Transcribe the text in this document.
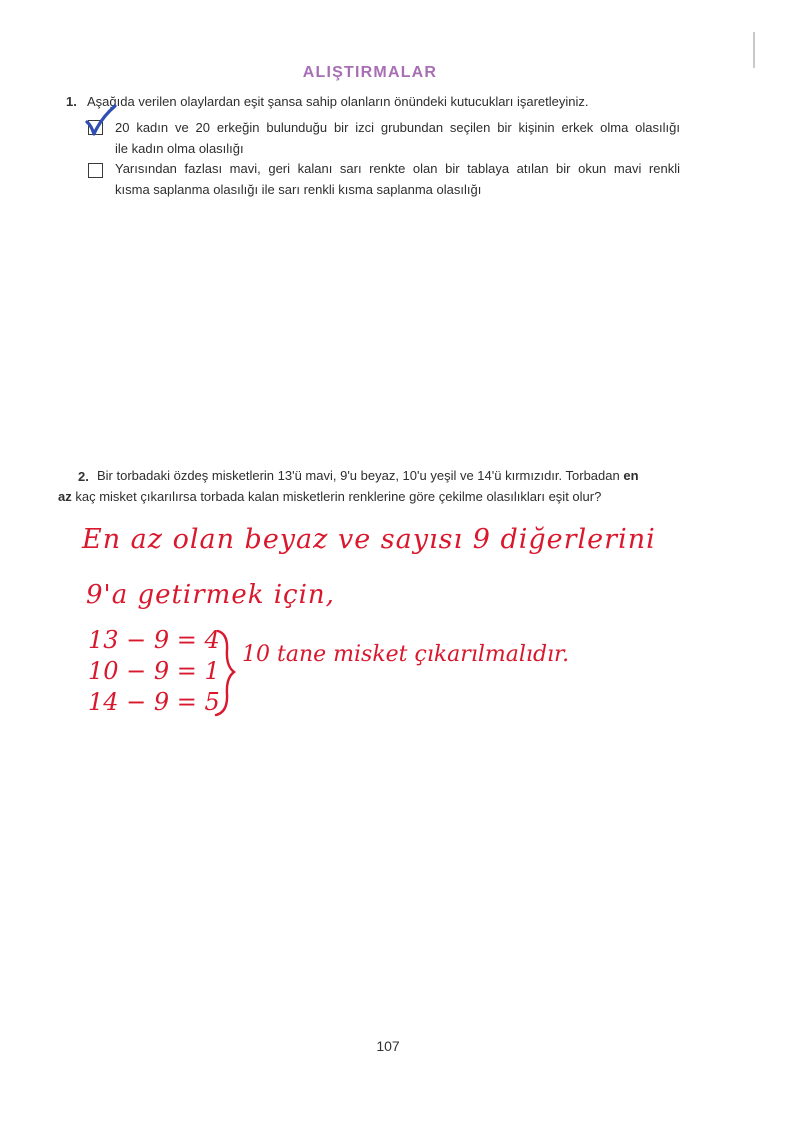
ALIŞTIRMALAR
1. Aşağıda verilen olaylardan eşit şansa sahip olanların önündeki kutucukları işaretleyiniz.
20 kadın ve 20 erkeğin bulunduğu bir izci grubundan seçilen bir kişinin erkek olma olasılığı
ile kadın olma olasılığı
Yarısından fazlası mavi, geri kalanı sarı renkte olan bir tablaya atılan bir okun mavi renkli
kısma saplanma olasılığı ile sarı renkli kısma saplanma olasılığı
2. Bir torbadaki özdeş misketlerin 13'ü mavi, 9'u beyaz, 10'u yeşil ve 14'ü kırmızıdır. Torbadan en
az kaç misket çıkarılırsa torbada kalan misketlerin renklerine göre çekilme olasılıkları eşit olur?
En az olan beyaz ve sayısı 9 diğerlerini
9'a getirmek için,
13 − 9 = 4
10 − 9 = 1
14 − 9 = 5
10 tane misket çıkarılmalıdır.
107
